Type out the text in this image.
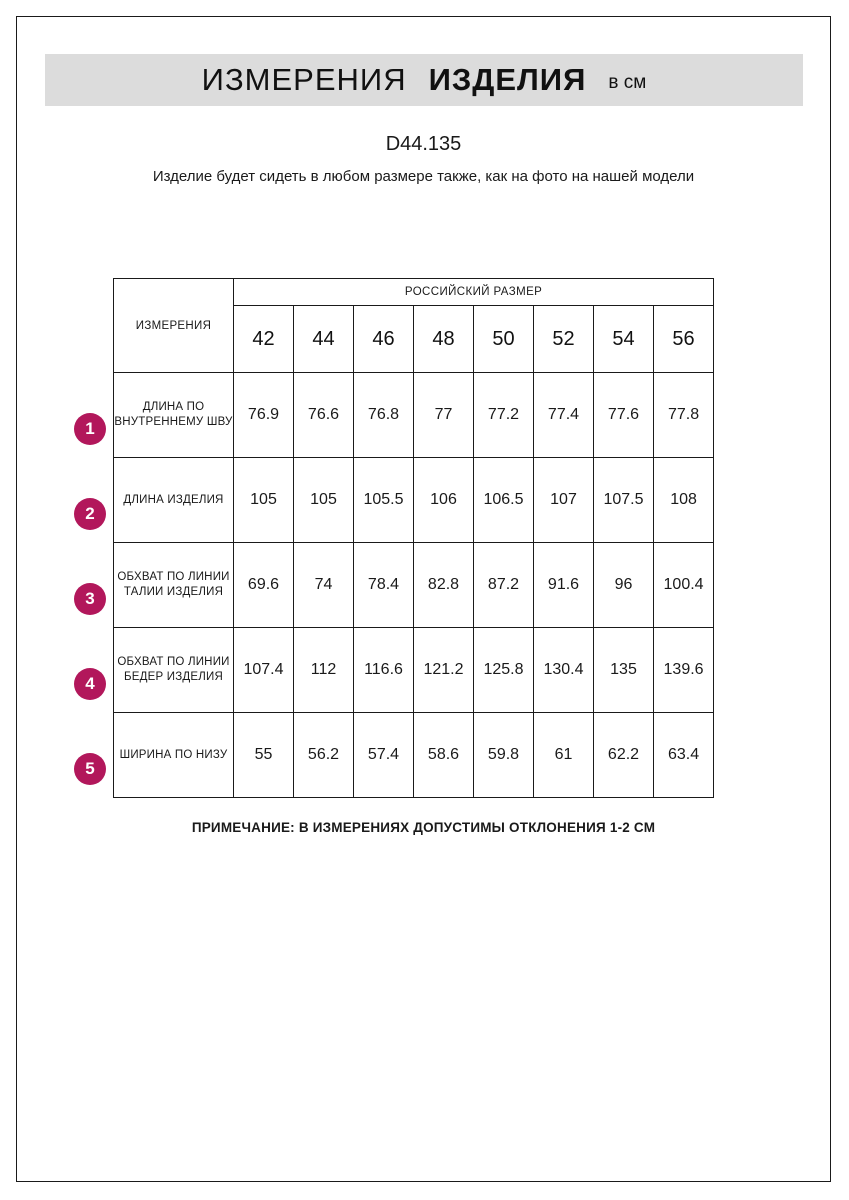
ИЗМЕРЕНИЯ ИЗДЕЛИЯ в см
D44.135
Изделие будет сидеть в любом размере также, как на фото на нашей модели
ИЗМЕРЕНИЯ	РОССИЙСКИЙ РАЗМЕР							
	42	44	46	48	50	52	54	56
ДЛИНА ПО ВНУТРЕННЕМУ ШВУ	76.9	76.6	76.8	77	77.2	77.4	77.6	77.8
ДЛИНА ИЗДЕЛИЯ	105	105	105.5	106	106.5	107	107.5	108
ОБХВАТ ПО ЛИНИИ ТАЛИИ ИЗДЕЛИЯ	69.6	74	78.4	82.8	87.2	91.6	96	100.4
ОБХВАТ ПО ЛИНИИ БЕДЕР ИЗДЕЛИЯ	107.4	112	116.6	121.2	125.8	130.4	135	139.6
ШИРИНА ПО НИЗУ	55	56.2	57.4	58.6	59.8	61	62.2	63.4
1
2
3
4
5
ПРИМЕЧАНИЕ: В ИЗМЕРЕНИЯХ ДОПУСТИМЫ ОТКЛОНЕНИЯ 1-2 СМ
